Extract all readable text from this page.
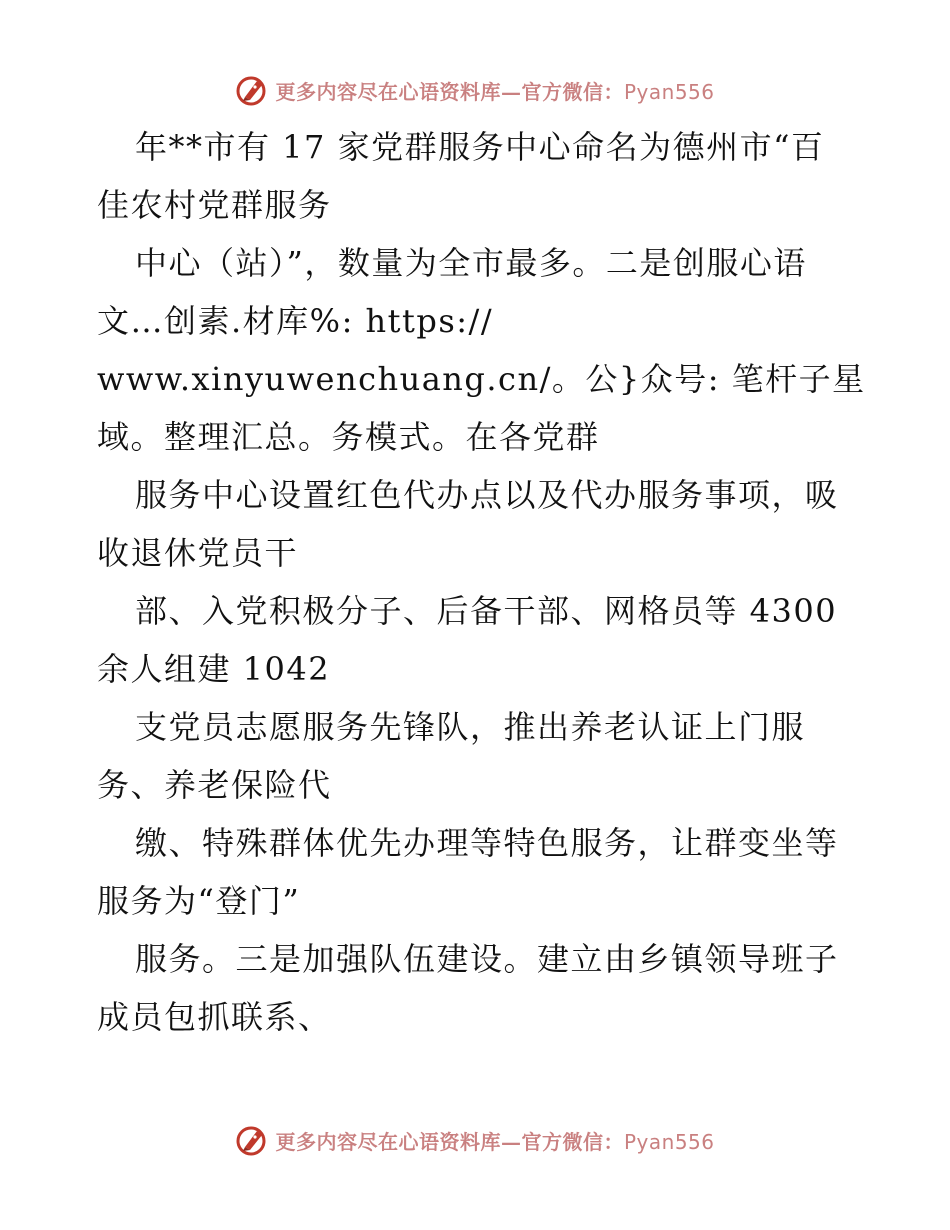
更多内容尽在心语资料库—官方微信：Pyan556
年**市有 17 家党群服务中心命名为德州市“百
佳农村党群服务
中心（站）”，数量为全市最多。二是创服心语
文…创素.材库%: https://
www.xinyuwenchuang.cn/。公}众号: 笔杆子星
域。整理汇总。务模式。在各党群
服务中心设置红色代办点以及代办服务事项，吸
收退休党员干
部、入党积极分子、后备干部、网格员等 4300
余人组建 1042
支党员志愿服务先锋队，推出养老认证上门服
务、养老保险代
缴、特殊群体优先办理等特色服务，让群变坐等
服务为“登门”
服务。三是加强队伍建设。建立由乡镇领导班子
成员包抓联系、
更多内容尽在心语资料库—官方微信：Pyan556
